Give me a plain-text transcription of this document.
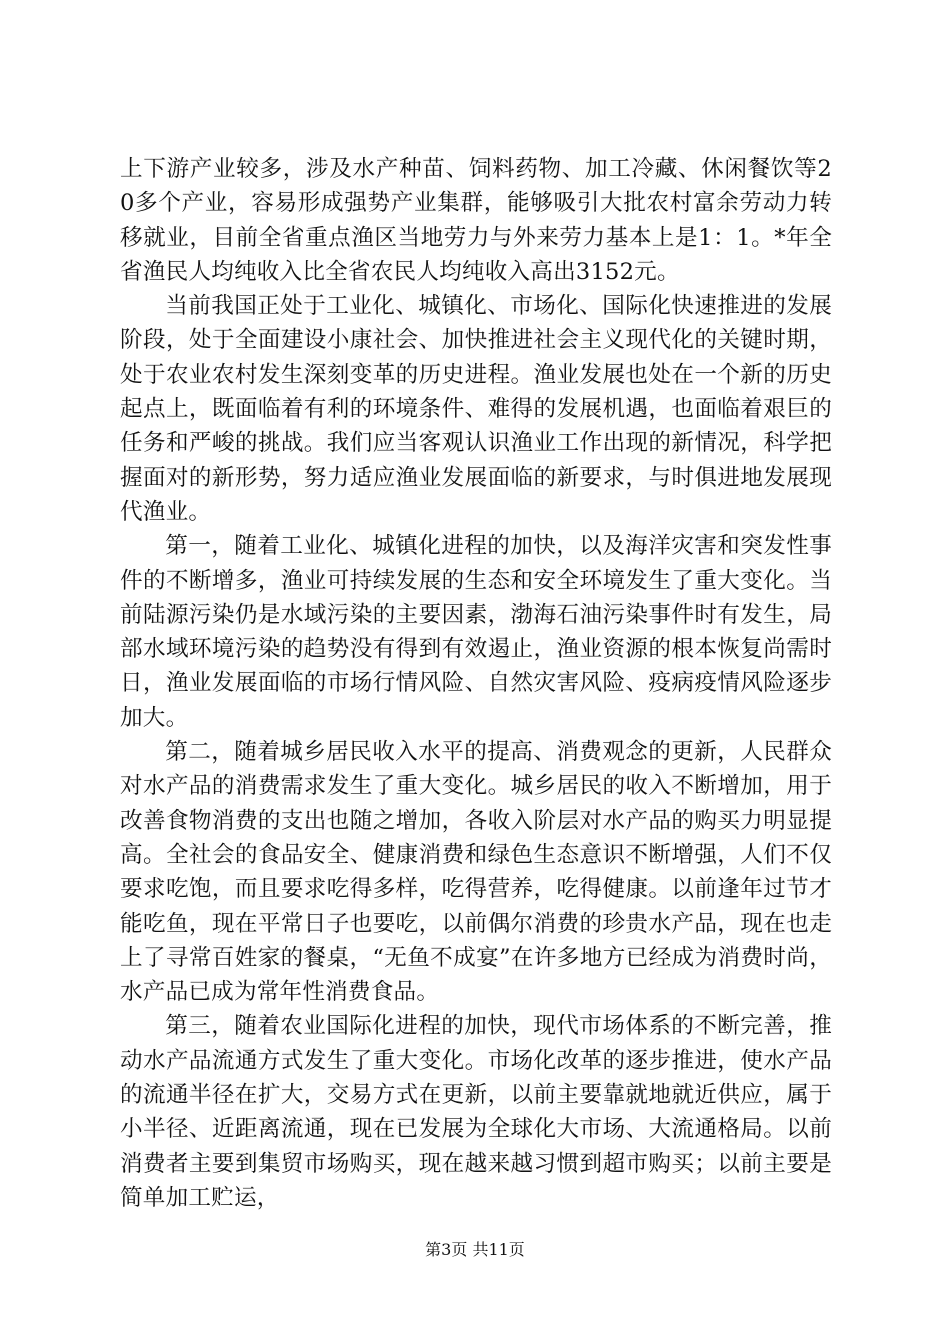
上下游产业较多，涉及水产种苗、饲料药物、加工冷藏、休闲餐饮等20多个产业，容易形成强势产业集群，能够吸引大批农村富余劳动力转移就业，目前全省重点渔区当地劳力与外来劳力基本上是1：1。*年全省渔民人均纯收入比全省农民人均纯收入高出3152元。

当前我国正处于工业化、城镇化、市场化、国际化快速推进的发展阶段，处于全面建设小康社会、加快推进社会主义现代化的关键时期，处于农业农村发生深刻变革的历史进程。渔业发展也处在一个新的历史起点上，既面临着有利的环境条件、难得的发展机遇，也面临着艰巨的任务和严峻的挑战。我们应当客观认识渔业工作出现的新情况，科学把握面对的新形势，努力适应渔业发展面临的新要求，与时俱进地发展现代渔业。

第一，随着工业化、城镇化进程的加快，以及海洋灾害和突发性事件的不断增多，渔业可持续发展的生态和安全环境发生了重大变化。当前陆源污染仍是水域污染的主要因素，渤海石油污染事件时有发生，局部水域环境污染的趋势没有得到有效遏止，渔业资源的根本恢复尚需时日，渔业发展面临的市场行情风险、自然灾害风险、疫病疫情风险逐步加大。

第二，随着城乡居民收入水平的提高、消费观念的更新，人民群众对水产品的消费需求发生了重大变化。城乡居民的收入不断增加，用于改善食物消费的支出也随之增加，各收入阶层对水产品的购买力明显提高。全社会的食品安全、健康消费和绿色生态意识不断增强，人们不仅要求吃饱，而且要求吃得多样，吃得营养，吃得健康。以前逢年过节才能吃鱼，现在平常日子也要吃，以前偶尔消费的珍贵水产品，现在也走上了寻常百姓家的餐桌，“无鱼不成宴”在许多地方已经成为消费时尚，水产品已成为常年性消费食品。

第三，随着农业国际化进程的加快，现代市场体系的不断完善，推动水产品流通方式发生了重大变化。市场化改革的逐步推进，使水产品的流通半径在扩大，交易方式在更新，以前主要靠就地就近供应，属于小半径、近距离流通，现在已发展为全球化大市场、大流通格局。以前消费者主要到集贸市场购买，现在越来越习惯到超市购买；以前主要是简单加工贮运，

第3页 共11页
